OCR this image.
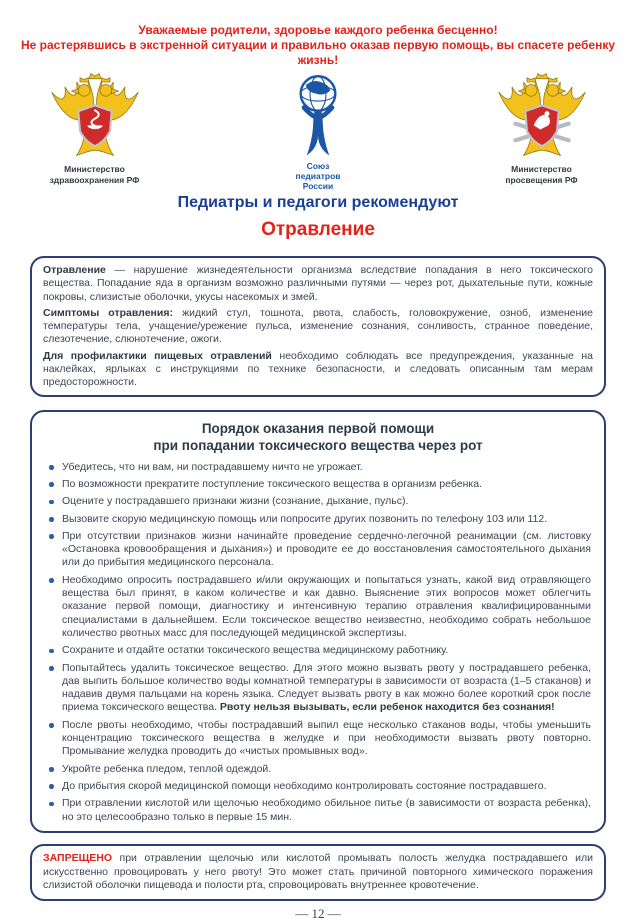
Уважаемые родители, здоровье каждого ребенка бесценно!
Не растерявшись в экстренной ситуации и правильно оказав первую помощь, вы спасете ребенку жизнь!
Министерство
здравоохранения РФ
Союз
педиатров
России
Министерство
просвещения РФ
Педиатры и педагоги рекомендуют
Отравление

Отравление — нарушение жизнедеятельности организма вследствие попадания в него токсического вещества. Попадание яда в организм возможно различными путями — через рот, дыхательные пути, кожные покровы, слизистые оболочки, укусы насекомых и змей.

Симптомы отравления: жидкий стул, тошнота, рвота, слабость, головокружение, озноб, изменение температуры тела, учащение/урежение пульса, изменение сознания, сонливость, странное поведение, слезотечение, слюнотечение, ожоги.

Для профилактики пищевых отравлений необходимо соблюдать все предупреждения, указанные на наклейках, ярлыках с инструкциями по технике безопасности, и следовать описанным там мерам предосторожности.

Порядок оказания первой помощи
при попадании токсического вещества через рот
Убедитесь, что ни вам, ни пострадавшему ничто не угрожает.
По возможности прекратите поступление токсического вещества в организм ребенка.
Оцените у пострадавшего признаки жизни (сознание, дыхание, пульс).
Вызовите скорую медицинскую помощь или попросите других позвонить по телефону 103 или 112.
При отсутствии признаков жизни начинайте проведение сердечно-легочной реанимации (см. листовку «Остановка кровообращения и дыхания») и проводите ее до восстановления самостоятельного дыхания или до прибытия медицинского персонала.
Необходимо опросить пострадавшего и/или окружающих и попытаться узнать, какой вид отравляющего вещества был принят, в каком количестве и как давно. Выяснение этих вопросов может облегчить оказание первой помощи, диагностику и интенсивную терапию отравления квалифицированными специалистами в дальнейшем. Если токсическое вещество неизвестно, необходимо собрать небольшое количество рвотных масс для последующей медицинской экспертизы.
Сохраните и отдайте остатки токсического вещества медицинскому работнику.
Попытайтесь удалить токсическое вещество. Для этого можно вызвать рвоту у пострадавшего ребенка, дав выпить большое количество воды комнатной температуры в зависимости от возраста (1–5 стаканов) и надавив двумя пальцами на корень языка. Следует вызвать рвоту в как можно более короткий срок после приема токсического вещества. Рвоту нельзя вызывать, если ребенок находится без сознания!
После рвоты необходимо, чтобы пострадавший выпил еще несколько стаканов воды, чтобы уменьшить концентрацию токсического вещества в желудке и при необходимости вызвать рвоту повторно. Промывание желудка проводить до «чистых промывных вод».
Укройте ребенка пледом, теплой одеждой.
До прибытия скорой медицинской помощи необходимо контролировать состояние пострадавшего.
При отравлении кислотой или щелочью необходимо обильное питье (в зависимости от возраста ребенка), но это целесообразно только в первые 15 мин.
ЗАПРЕЩЕНО при отравлении щелочью или кислотой промывать полость желудка пострадавшего или искусственно провоцировать у него рвоту! Это может стать причиной повторного химического поражения слизистой оболочки пищевода и полости рта, спровоцировать внутреннее кровотечение.
— 12 —
